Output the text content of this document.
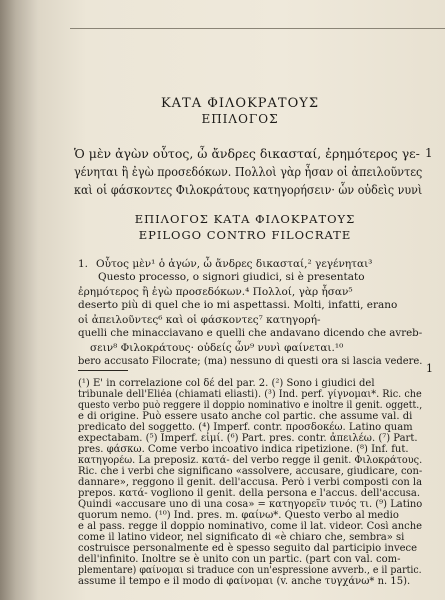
ΚΑΤΑ ΦΙΛΟΚΡΑΤΟΥΣ
ΕΠΙΛΟΓΟΣ
Ὁ μὲν ἀγὼν οὗτος, ὦ ἄνδρες δικασταί, ἐρημότερος γε-
γένηται ἢ ἐγὼ προσεδόκων. Πολλοὶ γὰρ ἦσαν οἱ ἀπειλοῦντες
καὶ οἱ φάσκοντες Φιλοκράτους κατηγορήσειν· ὧν οὐδεὶς νυνὶ
1
ΕΠΙΛΟΓΟΣ ΚΑΤΑ ΦΙΛΟΚΡΑΤΟΥΣ
EPILOGO CONTRO FILOCRATE
1. Οὗτος μὲν¹ ὁ ἀγών, ὦ ἄνδρες δικασταί,² γεγένηται³
Questo processo, o signori giudici, si è presentato
ἐρημότερος ἢ ἐγὼ προσεδόκων.⁴ Πολλοί, γὰρ ἦσαν⁵
deserto più di quel che io mi aspettassi. Molti, infatti, erano
οἱ ἀπειλοῦντες⁶ καὶ οἱ φάσκοντες⁷ κατηγορή-
quelli che minacciavano e quelli che andavano dicendo che avreb-
σειν⁸ Φιλοκράτους· οὐδείς ὧν⁹ νυνὶ φαίνεται.¹⁰
bero accusato Filocrate; (ma) nessuno di questi ora si lascia vedere.
(¹) E' in correlazione col δέ del par. 2. (²) Sono i giudici del
tribunale dell'Eliéa (chiamati eliasti). (³) Ind. perf. γίγνομαι*. Ric. che
questo verbo può reggere il doppio nominativo e inoltre il genit. oggett.,
e di origine. Può essere usato anche col partic. che assume val. di
predicato del soggetto. (⁴) Imperf. contr. προσδοκέω. Latino quam
expectabam. (⁵) Imperf. εἰμί. (⁶) Part. pres. contr. ἀπειλέω. (⁷) Part.
pres. φάσκω. Come verbo incoativo indica ripetizione. (⁸) Inf. fut.
κατηγορέω. La preposiz. κατά- del verbo regge il genit. Φιλοκράτους.
Ric. che i verbi che significano «assolvere, accusare, giudicare, con-
dannare», reggono il genit. dell'accusa. Però i verbi composti con la
prepos. κατά- vogliono il genit. della persona e l'accus. dell'accusa.
Quindi «accusare uno di una cosa» = κατηγορεῖν τινός τι. (⁹) Latino
quorum nemo. (¹⁰) Ind. pres. m. φαίνω*. Questo verbo al medio
e al pass. regge il doppio nominativo, come il lat. videor. Così anche
come il latino videor, nel significato di «è chiaro che, sembra» si
costruisce personalmente ed è spesso seguito dal participio invece
dell'infinito. Inoltre se è unito con un partic. (part con val. com-
plementare) φαίνομαι si traduce con un'espressione avverb., e il partic.
assume il tempo e il modo di φαίνομαι (v. anche τυγχάνω* n. 15).
1
